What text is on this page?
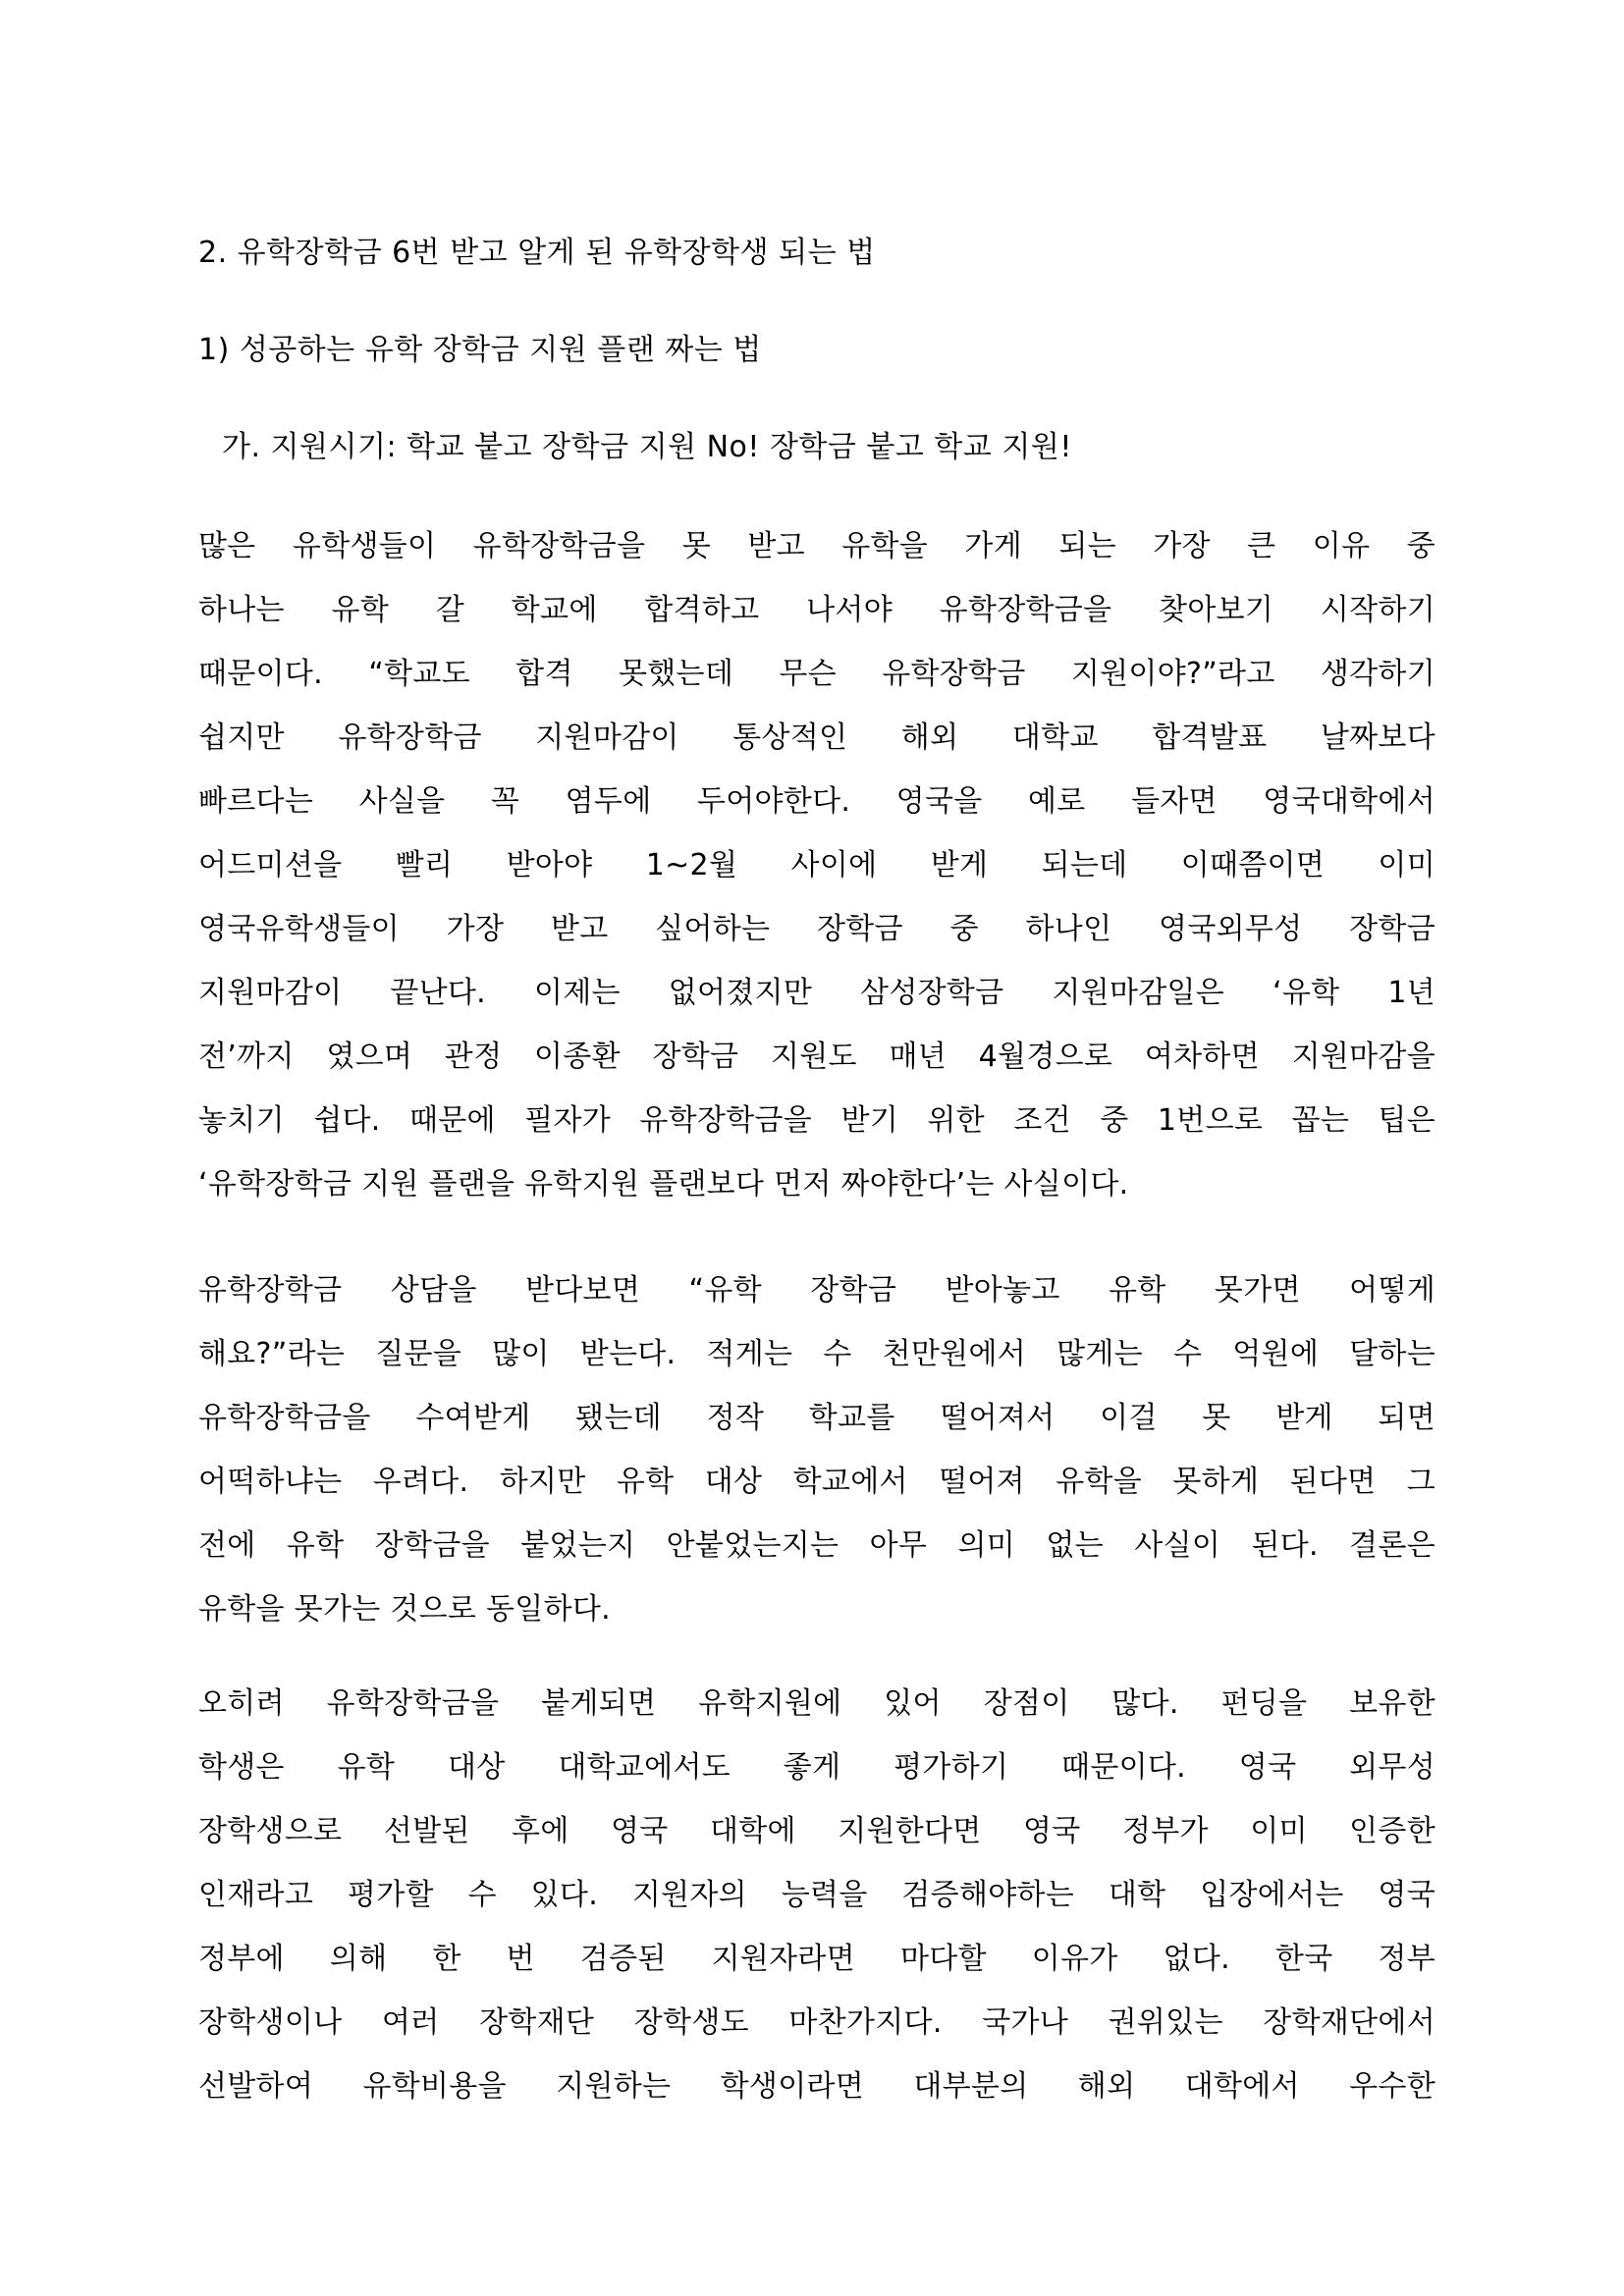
2. 유학장학금 6번 받고 알게 된 유학장학생 되는 법
1) 성공하는 유학 장학금 지원 플랜 짜는 법
가. 지원시기: 학교 붙고 장학금 지원 No! 장학금 붙고 학교 지원!

많은 유학생들이 유학장학금을 못 받고 유학을 가게 되는 가장 큰 이유 중
하나는 유학 갈 학교에 합격하고 나서야 유학장학금을 찾아보기 시작하기
때문이다. “학교도 합격 못했는데 무슨 유학장학금 지원이야?”라고 생각하기
쉽지만 유학장학금 지원마감이 통상적인 해외 대학교 합격발표 날짜보다
빠르다는 사실을 꼭 염두에 두어야한다. 영국을 예로 들자면 영국대학에서
어드미션을 빨리 받아야 1~2월 사이에 받게 되는데 이때쯤이면 이미
영국유학생들이 가장 받고 싶어하는 장학금 중 하나인 영국외무성 장학금
지원마감이 끝난다. 이제는 없어졌지만 삼성장학금 지원마감일은 ‘유학 1년
전’까지 였으며 관정 이종환 장학금 지원도 매년 4월경으로 여차하면 지원마감을
놓치기 쉽다. 때문에 필자가 유학장학금을 받기 위한 조건 중 1번으로 꼽는 팁은
‘유학장학금 지원 플랜을 유학지원 플랜보다 먼저 짜야한다’는 사실이다.

유학장학금 상담을 받다보면 “유학 장학금 받아놓고 유학 못가면 어떻게
해요?”라는 질문을 많이 받는다. 적게는 수 천만원에서 많게는 수 억원에 달하는
유학장학금을 수여받게 됐는데 정작 학교를 떨어져서 이걸 못 받게 되면
어떡하냐는 우려다. 하지만 유학 대상 학교에서 떨어져 유학을 못하게 된다면 그
전에 유학 장학금을 붙었는지 안붙었는지는 아무 의미 없는 사실이 된다. 결론은
유학을 못가는 것으로 동일하다.

오히려 유학장학금을 붙게되면 유학지원에 있어 장점이 많다. 펀딩을 보유한
학생은 유학 대상 대학교에서도 좋게 평가하기 때문이다. 영국 외무성
장학생으로 선발된 후에 영국 대학에 지원한다면 영국 정부가 이미 인증한
인재라고 평가할 수 있다. 지원자의 능력을 검증해야하는 대학 입장에서는 영국
정부에 의해 한 번 검증된 지원자라면 마다할 이유가 없다. 한국 정부
장학생이나 여러 장학재단 장학생도 마찬가지다. 국가나 권위있는 장학재단에서
선발하여 유학비용을 지원하는 학생이라면 대부분의 해외 대학에서 우수한
